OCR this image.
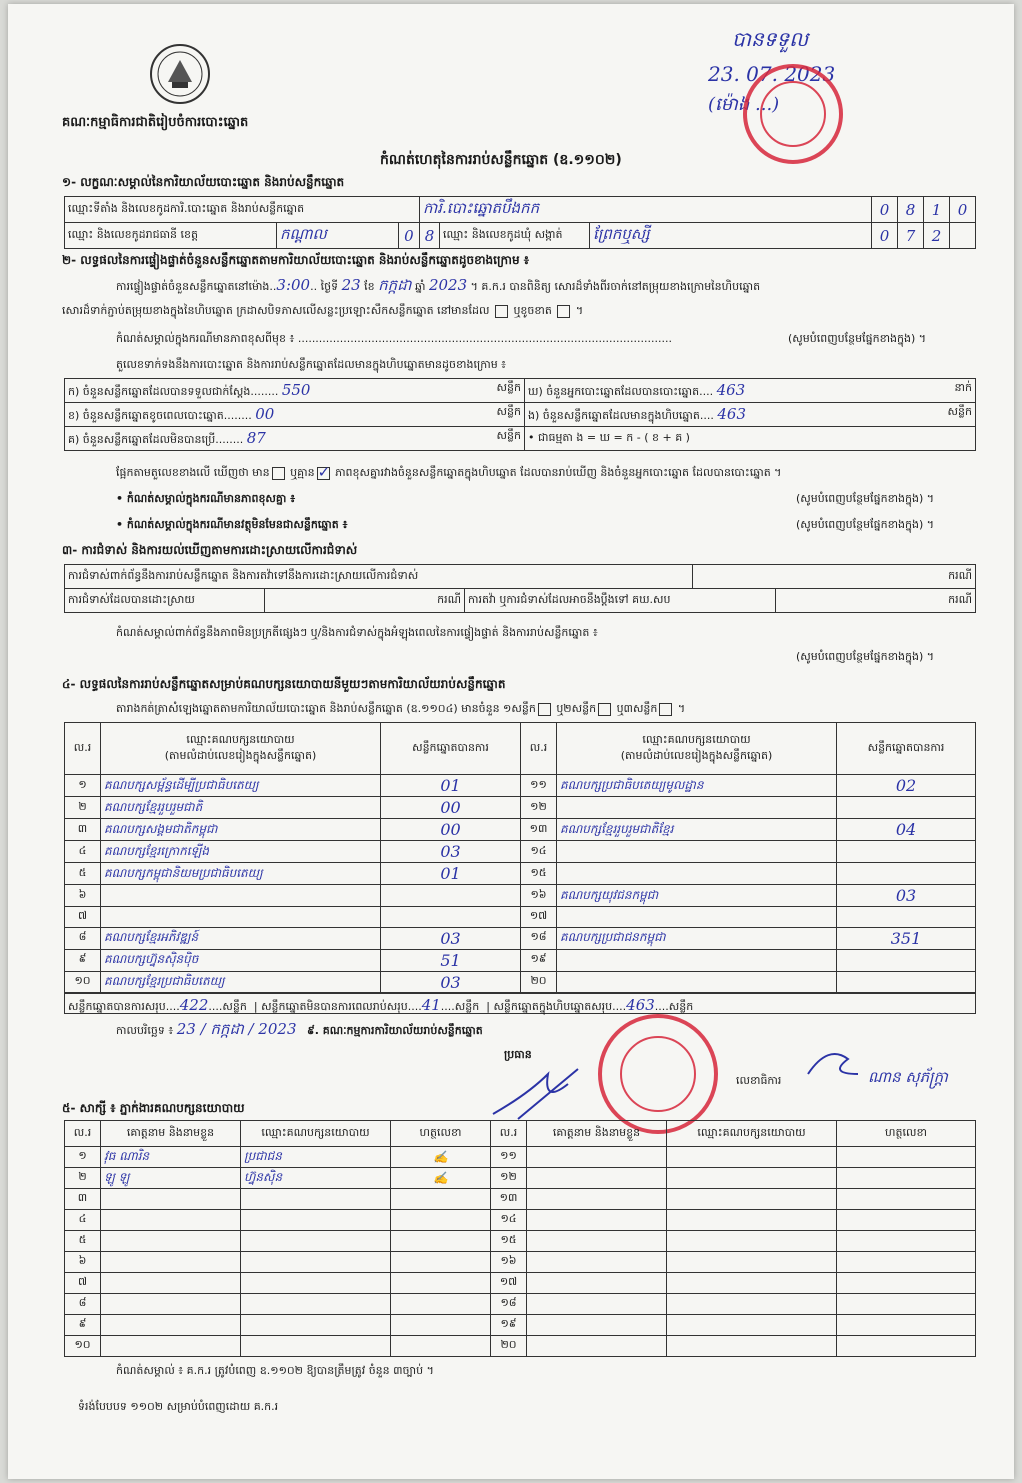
គណៈកម្មាធិការជាតិរៀបចំការបោះឆ្នោត
បានទទួល
23. 07. 2023
(ម៉ោង ...)
កំណត់ហេតុនៃការរាប់សន្លឹកឆ្នោត (ឧ.១១០២)
១- លក្ខណៈសម្គាល់នៃការិយាល័យបោះឆ្នោត និងរាប់សន្លឹកឆ្នោត
ឈ្មោះទីតាំង និងលេខកូដការិ.បោះឆ្នោត និងរាប់សន្លឹកឆ្នោត			ការិ.បោះឆ្នោតបឹងកក			0	8	1	0
ឈ្មោះ និងលេខកូដរាជធានី ខេត្ត	កណ្ដាល	0	8	ឈ្មោះ និងលេខកូដឃុំ សង្កាត់	ព្រែកឬស្សី	0	7	2	
២- លទ្ធផលនៃការផ្ទៀងផ្ទាត់ចំនួនសន្លឹកឆ្នោតតាមការិយាល័យបោះឆ្នោត និងរាប់សន្លឹកឆ្នោតដូចខាងក្រោម ៖
ការផ្ទៀងផ្ទាត់ចំនួនសន្លឹកឆ្នោតនៅម៉ោង..3:00.. ថ្ងៃទី 23 ខែ កក្កដា ឆ្នាំ 2023 ។ គ.ក.រ បានពិនិត្យ សោរដ៏ទាំងពីរចាក់នៅតម្រុយខាងក្រោមនៃហិបឆ្នោត
សោរដ៏ទាក់ភ្ជាប់តម្រុយខាងក្នុងនៃហិបឆ្នោត ក្រដាសបិទភាសលើសន្លះប្រឡោះសឹកសន្លឹកឆ្នោត នៅមានដែល ឬខូចខាត  ។
កំណត់សម្គាល់ក្នុងករណីមានភាពខុសពីមុខ ៖ ...........................................................................................................	(សូមបំពេញបន្ថែមផ្នែកខាងក្នុង) ។
តួលេខទាក់ទងនឹងការបោះឆ្នោត និងការរាប់សន្លឹកឆ្នោតដែលមានក្នុងហិបឆ្នោតមានដូចខាងក្រោម ៖
ក) ចំនួនសន្លឹកឆ្នោតដែលបានទទួលជាក់ស្ដែង........ 550 សន្លឹក	ឃ) ចំនួនអ្នកបោះឆ្នោតដែលបានបោះឆ្នោត.... 463 នាក់

ខ) ចំនួនសន្លឹកឆ្នោតខូចពេលបោះឆ្នោត........ 00 សន្លឹក	ង) ចំនួនសន្លឹកឆ្នោតដែលមានក្នុងហិបឆ្នោត.... 463 សន្លឹក

គ) ចំនួនសន្លឹកឆ្នោតដែលមិនបានប្រើ........ 87 សន្លឹក	• ជាធម្មតា ង = ឃ = ក - ( ខ + គ )
ផ្អែកតាមតួលេខខាងលើ ឃើញថា មាន ឬគ្មាន ✓ ភាពខុសគ្នារវាងចំនួនសន្លឹកឆ្នោតក្នុងហិបឆ្នោត ដែលបានរាប់ឃើញ និងចំនួនអ្នកបោះឆ្នោត ដែលបានបោះឆ្នោត ។
• កំណត់សម្គាល់ក្នុងករណីមានភាពខុសគ្នា ៖	(សូមបំពេញបន្ថែមផ្នែកខាងក្នុង) ។
• កំណត់សម្គាល់ក្នុងករណីមានវត្ថុមិនមែនជាសន្លឹកឆ្នោត ៖	(សូមបំពេញបន្ថែមផ្នែកខាងក្នុង) ។
៣- ការជំទាស់ និងការយល់ឃើញតាមការដោះស្រាយលើការជំទាស់
ការជំទាស់ពាក់ព័ន្ធនឹងការរាប់សន្លឹកឆ្នោត និងការតវ៉ាទៅនឹងការដោះស្រាយលើការជំទាស់			ករណី	
ការជំទាស់ដែលបានដោះស្រាយ	ករណី	ការតវ៉ា ឬការជំទាស់ដែលអាចនឹងប្ដឹងទៅ គឃ.សប		ករណី
កំណត់សម្គាល់ពាក់ព័ន្ធនឹងភាពមិនប្រក្រតីផ្សេងៗ ឬ/និងការជំទាស់ក្នុងអំឡុងពេលនៃការផ្ទៀងផ្ទាត់ និងការរាប់សន្លឹកឆ្នោត ៖
(សូមបំពេញបន្ថែមផ្នែកខាងក្នុង) ។
៤- លទ្ធផលនៃការរាប់សន្លឹកឆ្នោតសម្រាប់គណបក្សនយោបាយនីមួយៗតាមការិយាល័យរាប់សន្លឹកឆ្នោត
តារាងកត់ត្រាសំឡេងឆ្នោតតាមការិយាល័យបោះឆ្នោត និងរាប់សន្លឹកឆ្នោត (ឧ.១១០៤) មានចំនួន ១សន្លឹក ឬ២សន្លឹក ឬ៣សន្លឹក ។
ល.រ	ឈ្មោះគណបក្សនយោបាយ
(តាមលំដាប់លេខរៀងក្នុងសន្លឹកឆ្នោត)	សន្លឹកឆ្នោតបានការ	ល.រ	ឈ្មោះគណបក្សនយោបាយ
(តាមលំដាប់លេខរៀងក្នុងសន្លឹកឆ្នោត)	សន្លឹកឆ្នោតបានការ
១	គណបក្សសម្ព័ន្ធដើម្បីប្រជាធិបតេយ្យ	01	១១	គណបក្សប្រជាធិបតេយ្យមូលដ្ឋាន	02
២	គណបក្សខ្មែររួបរួមជាតិ	00	១២		
៣	គណបក្សសង្គមជាតិកម្ពុជា	00	១៣	គណបក្សខ្មែររួបរួមជាតិខ្មែរ	04
៤	គណបក្សខ្មែរក្រោកឡើង	03	១៤		
៥	គណបក្សកម្ពុជានិយមប្រជាធិបតេយ្យ	01	១៥		
៦			១៦	គណបក្សយុវជនកម្ពុជា	03
៧			១៧		
៨	គណបក្សខ្មែរអភិវឌ្ឍន៍	03	១៨	គណបក្សប្រជាជនកម្ពុជា	351
៩	គណបក្សហ្វ៊ុនស៊ិនប៉ិច	51	១៩		
១០	គណបក្សខ្មែរប្រជាធិបតេយ្យ	03	២០		
សន្លឹកឆ្នោតបានការសរុប....422....សន្លឹក  | សន្លឹកឆ្នោតមិនបានការពេលរាប់សរុប....41....សន្លឹក  | សន្លឹកឆ្នោតក្នុងហិបឆ្នោតសរុប....463....សន្លឹក
កាលបរិច្ឆេទ ៖ 23 / កក្កដា / 2023 ៩. គណៈកម្មការការិយាល័យរាប់សន្លឹកឆ្នោត
ប្រធាន
លេខាធិការ	ណាន សុភ័ក្ត្រា
៥- សាក្សី ៖ ភ្នាក់ងារគណបក្សនយោបាយ
ល.រ	គោត្តនាម និងនាមខ្លួន	ឈ្មោះគណបក្សនយោបាយ	ហត្ថលេខា	ល.រ	គោត្តនាម និងនាមខ្លួន	ឈ្មោះគណបក្សនយោបាយ	ហត្ថលេខា
១	វុធ ណារិន	ប្រជាជន	✍	១១			
២	ឡូ ឡូ	ហ្វ៊ុនស៊ិន	✍	១២			
៣				១៣			
៤				១៤			
៥				១៥			
៦				១៦			
៧				១៧			
៨				១៨			
៩				១៩			
១០				២០			
កំណត់សម្គាល់ ៖ គ.ក.រ ត្រូវបំពេញ ឧ.១១០២ ឱ្យបានត្រឹមត្រូវ ចំនួន ៣ច្បាប់ ។
ទំរង់បែបបទ ១១០២ សម្រាប់បំពេញដោយ គ.ក.រ
